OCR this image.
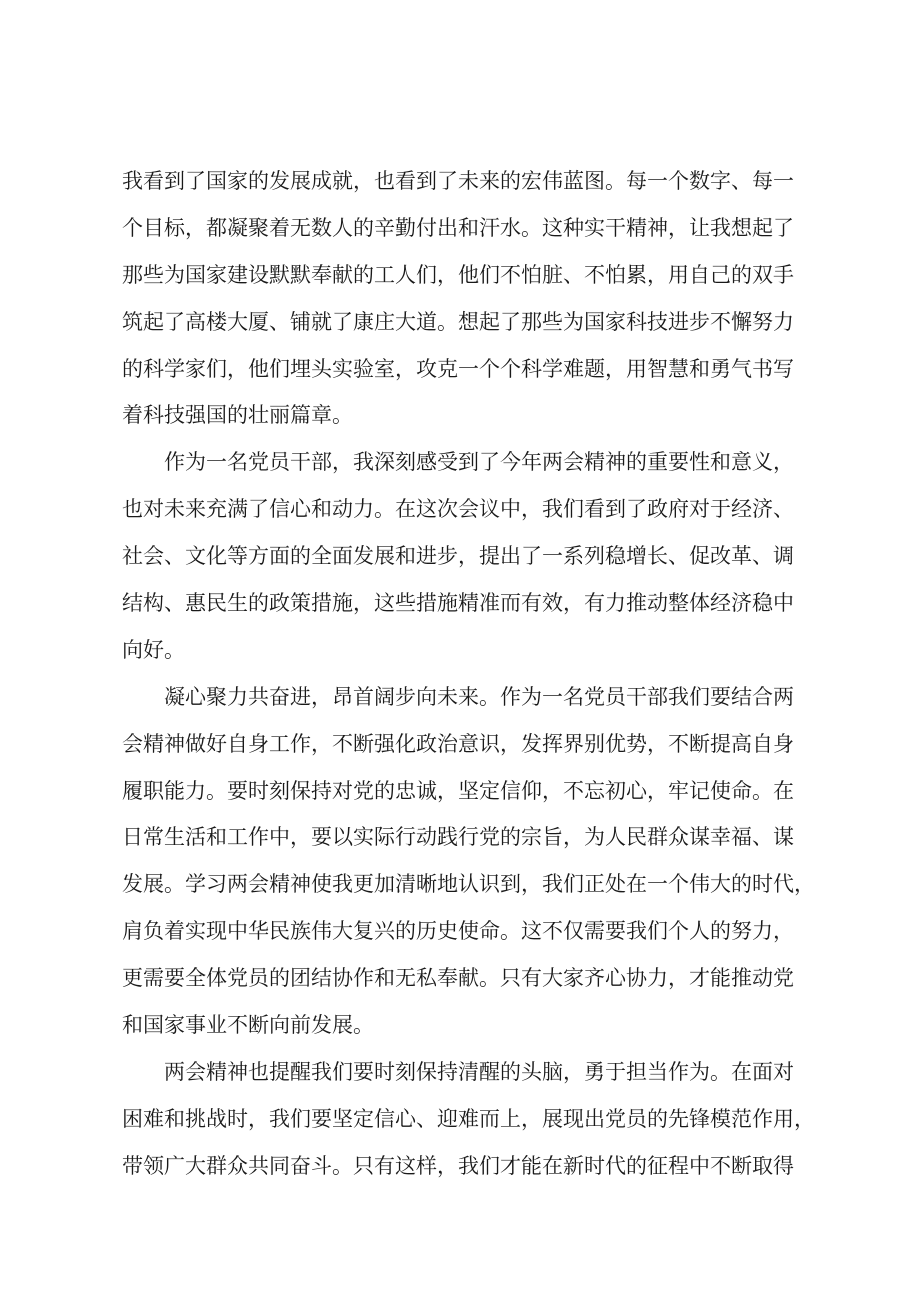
我看到了国家的发展成就，也看到了未来的宏伟蓝图。每一个数字、每一
个目标，都凝聚着无数人的辛勤付出和汗水。这种实干精神，让我想起了
那些为国家建设默默奉献的工人们，他们不怕脏、不怕累，用自己的双手
筑起了高楼大厦、铺就了康庄大道。想起了那些为国家科技进步不懈努力
的科学家们，他们埋头实验室，攻克一个个科学难题，用智慧和勇气书写
着科技强国的壮丽篇章。
　　作为一名党员干部，我深刻感受到了今年两会精神的重要性和意义，
也对未来充满了信心和动力。在这次会议中，我们看到了政府对于经济、
社会、文化等方面的全面发展和进步，提出了一系列稳增长、促改革、调
结构、惠民生的政策措施，这些措施精准而有效，有力推动整体经济稳中
向好。
　　凝心聚力共奋进，昂首阔步向未来。作为一名党员干部我们要结合两
会精神做好自身工作，不断强化政治意识，发挥界别优势，不断提高自身
履职能力。要时刻保持对党的忠诚，坚定信仰，不忘初心，牢记使命。在
日常生活和工作中，要以实际行动践行党的宗旨，为人民群众谋幸福、谋
发展。学习两会精神使我更加清晰地认识到，我们正处在一个伟大的时代，
肩负着实现中华民族伟大复兴的历史使命。这不仅需要我们个人的努力，
更需要全体党员的团结协作和无私奉献。只有大家齐心协力，才能推动党
和国家事业不断向前发展。
　　两会精神也提醒我们要时刻保持清醒的头脑，勇于担当作为。在面对
困难和挑战时，我们要坚定信心、迎难而上，展现出党员的先锋模范作用，
带领广大群众共同奋斗。只有这样，我们才能在新时代的征程中不断取得
